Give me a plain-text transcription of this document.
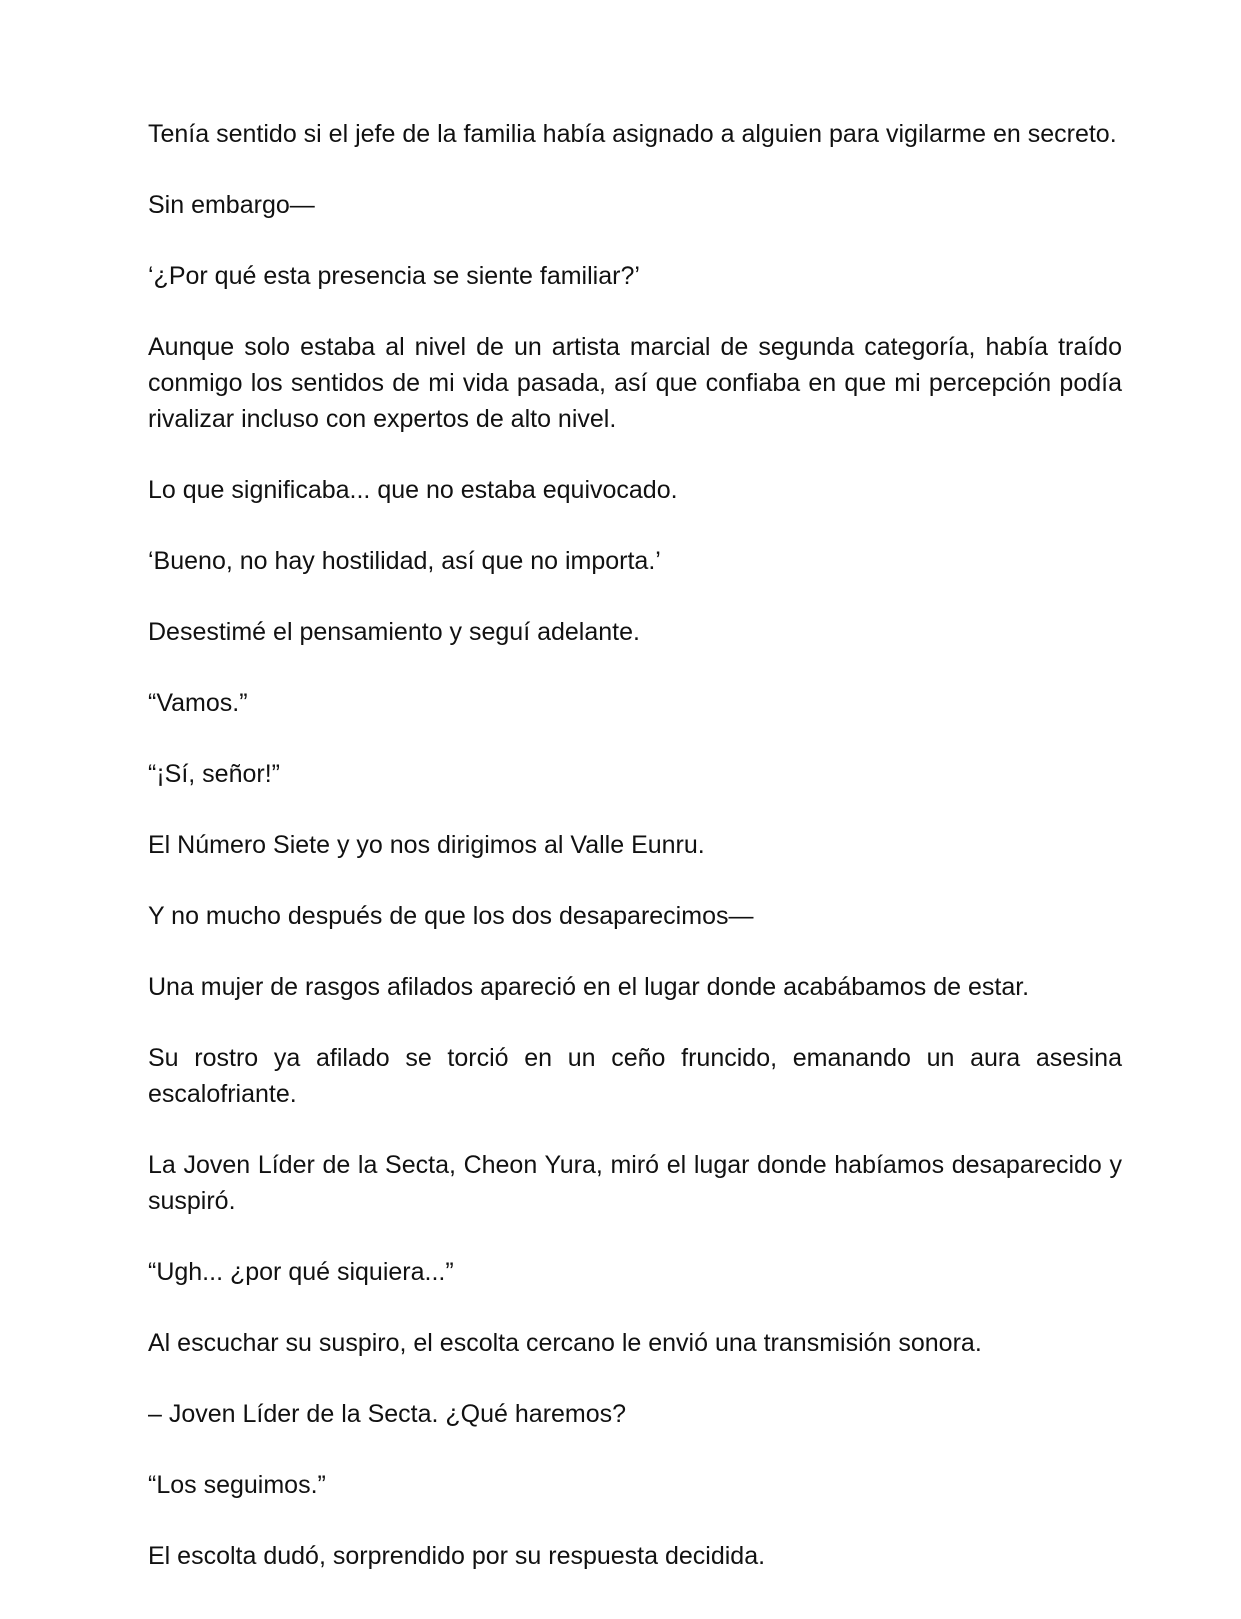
Tenía sentido si el jefe de la familia había asignado a alguien para vigilarme en secreto.

Sin embargo—

‘¿Por qué esta presencia se siente familiar?’

Aunque solo estaba al nivel de un artista marcial de segunda categoría, había traído conmigo los sentidos de mi vida pasada, así que confiaba en que mi percepción podía rivalizar incluso con expertos de alto nivel.

Lo que significaba... que no estaba equivocado.

‘Bueno, no hay hostilidad, así que no importa.’

Desestimé el pensamiento y seguí adelante.

“Vamos.”

“¡Sí, señor!”

El Número Siete y yo nos dirigimos al Valle Eunru.

Y no mucho después de que los dos desaparecimos—

Una mujer de rasgos afilados apareció en el lugar donde acabábamos de estar.

Su rostro ya afilado se torció en un ceño fruncido, emanando un aura asesina escalofriante.

La Joven Líder de la Secta, Cheon Yura, miró el lugar donde habíamos desaparecido y suspiró.

“Ugh... ¿por qué siquiera...”

Al escuchar su suspiro, el escolta cercano le envió una transmisión sonora.

– Joven Líder de la Secta. ¿Qué haremos?

“Los seguimos.”

El escolta dudó, sorprendido por su respuesta decidida.
